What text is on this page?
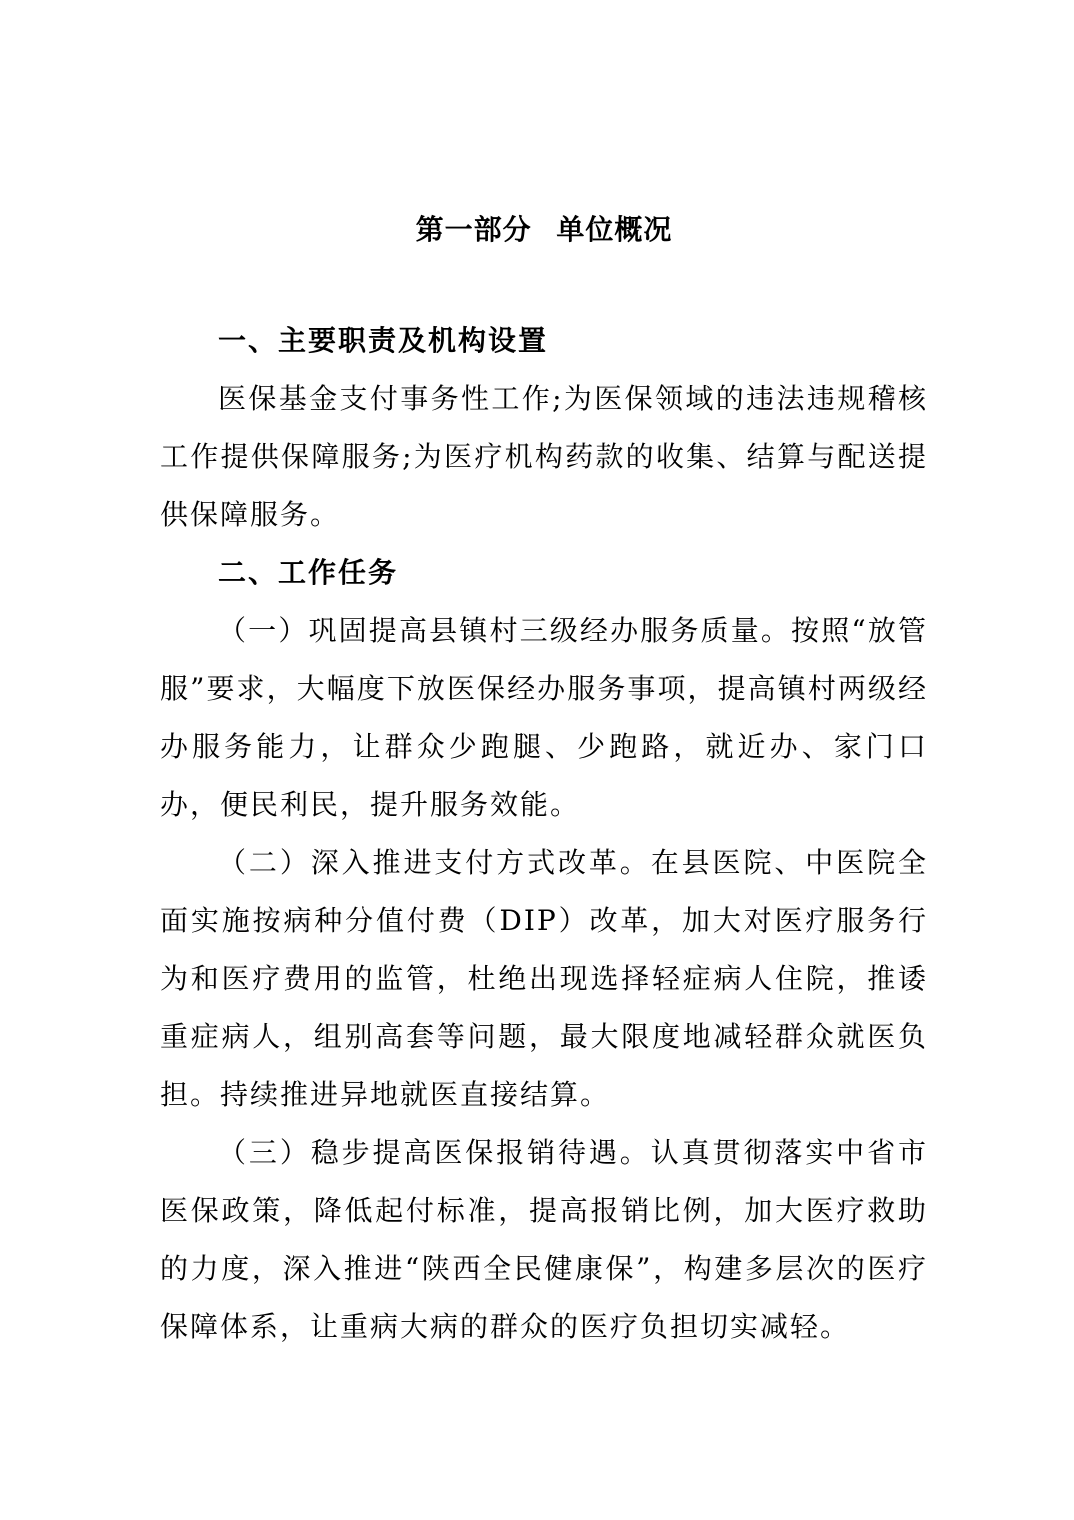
第一部分 单位概况

一、主要职责及机构设置

医保基金支付事务性工作;为医保领域的违法违规稽核工作提供保障服务;为医疗机构药款的收集、结算与配送提供保障服务。

二、工作任务

（一）巩固提高县镇村三级经办服务质量。按照“放管服”要求，大幅度下放医保经办服务事项，提高镇村两级经办服务能力，让群众少跑腿、少跑路，就近办、家门口办，便民利民，提升服务效能。

（二）深入推进支付方式改革。在县医院、中医院全面实施按病种分值付费（DIP）改革，加大对医疗服务行为和医疗费用的监管，杜绝出现选择轻症病人住院，推诿重症病人，组别高套等问题，最大限度地减轻群众就医负担。持续推进异地就医直接结算。

（三）稳步提高医保报销待遇。认真贯彻落实中省市医保政策，降低起付标准，提高报销比例，加大医疗救助的力度，深入推进“陕西全民健康保”，构建多层次的医疗保障体系，让重病大病的群众的医疗负担切实减轻。
